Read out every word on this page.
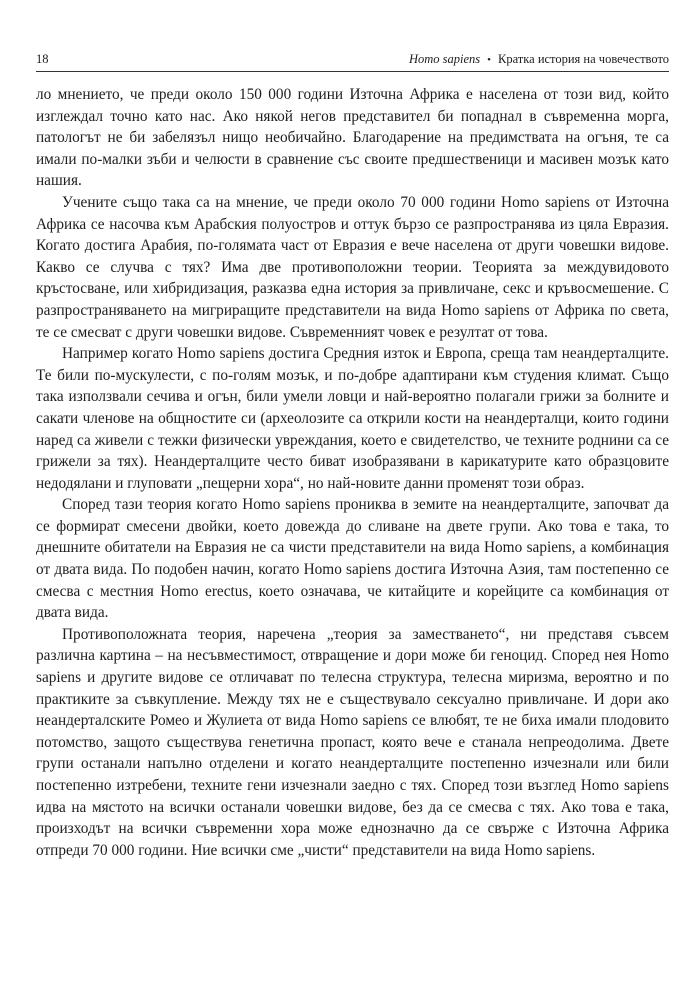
18	Homo sapiens • Кратка история на човечеството

ло мнението, че преди около 150 000 години Източна Африка е населена от този вид, който изглеждал точно като нас. Ако някой негов представител би попаднал в съвременна морга, патологът не би забелязъл нищо необичайно. Благодарение на предимствата на огъня, те са имали по-малки зъби и челюсти в сравнение със своите предшественици и масивен мозък като нашия.

Учените също така са на мнение, че преди около 70 000 години Homo sapiens от Източна Африка се насочва към Арабския полуостров и оттук бързо се разпространява из цяла Евразия. Когато достига Арабия, по-голямата част от Евразия е вече населена от други човешки видове. Какво се случва с тях? Има две противоположни теории. Теорията за междувидовото кръстосване, или хибридизация, разказва една история за привличане, секс и кръвосмешение. С разпространяването на мигриращите представители на вида Homo sapiens от Африка по света, те се смесват с други човешки видове. Съвременният човек е резултат от това.

Например когато Homo sapiens достига Средния изток и Европа, среща там неандерталците. Те били по-мускулести, с по-голям мозък, и по-добре адаптирани към студения климат. Също така използвали сечива и огън, били умели ловци и най-вероятно полагали грижи за болните и сакати членове на общностите си (археолозите са открили кости на неандерталци, които години наред са живели с тежки физически увреждания, което е свидетелство, че техните роднини са се грижели за тях). Неандерталците често биват изобразявани в карикатурите като образцовите недодялани и глуповати „пещерни хора“, но най-новите данни променят този образ.

Според тази теория когато Homo sapiens прониква в земите на неандерталците, започват да се формират смесени двойки, което довежда до сливане на двете групи. Ако това е така, то днешните обитатели на Евразия не са чисти представители на вида Homo sapiens, а комбинация от двата вида. По подобен начин, когато Homo sapiens достига Източна Азия, там постепенно се смесва с местния Homo erectus, което означава, че китайците и корейците са комбинация от двата вида.

Противоположната теория, наречена „теория за заместването“, ни представя съвсем различна картина – на несъвместимост, отвращение и дори може би геноцид. Според нея Homo sapiens и другите видове се отличават по телесна структура, телесна миризма, вероятно и по практиките за съвкупление. Между тях не е съществувало сексуално привличане. И дори ако неандерталските Ромео и Жулиета от вида Homo sapiens се влюбят, те не биха имали плодовито потомство, защото съществува генетична пропаст, която вече е станала непреодолима. Двете групи останали напълно отделени и когато неандерталците постепенно изчезнали или били постепенно изтребени, техните гени изчезнали заедно с тях. Според този възглед Homo sapiens идва на мястото на всички останали човешки видове, без да се смесва с тях. Ако това е така, произходът на всички съвременни хора може еднозначно да се свърже с Източна Африка отпреди 70 000 години. Ние всички сме „чисти“ представители на вида Homo sapiens.
